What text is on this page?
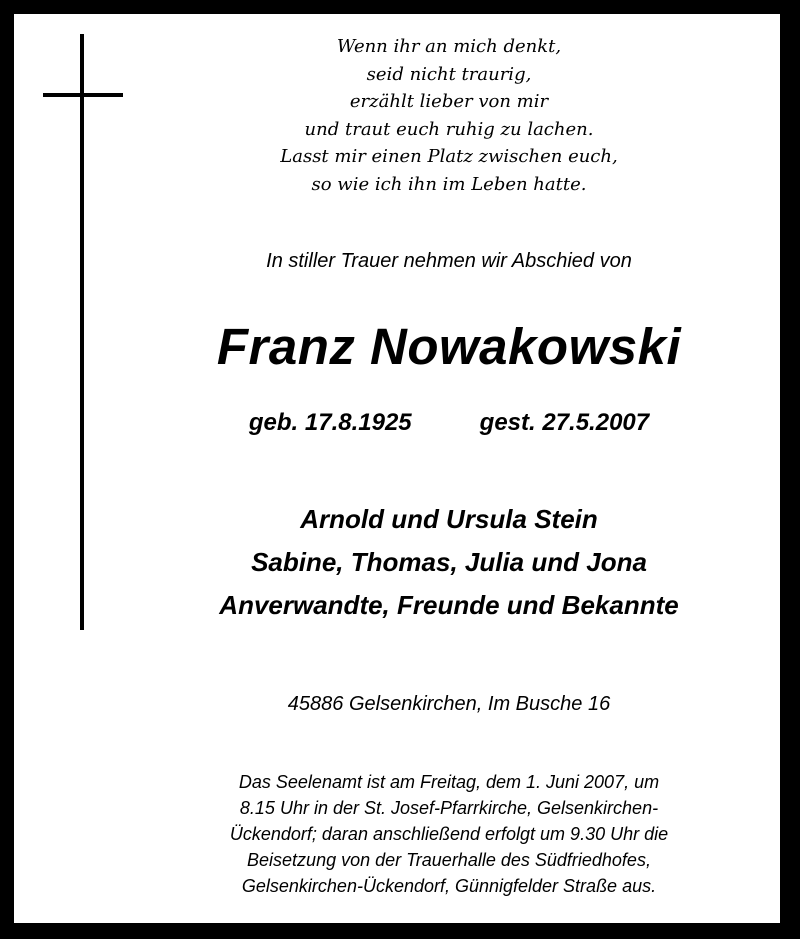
Wenn ihr an mich denkt,
seid nicht traurig,
erzählt lieber von mir
und traut euch ruhig zu lachen.
Lasst mir einen Platz zwischen euch,
so wie ich ihn im Leben hatte.
In stiller Trauer nehmen wir Abschied von
Franz Nowakowski
geb. 17.8.1925	gest. 27.5.2007
Arnold und Ursula Stein
Sabine, Thomas, Julia und Jona
Anverwandte, Freunde und Bekannte
45886 Gelsenkirchen, Im Busche 16
Das Seelenamt ist am Freitag, dem 1. Juni 2007, um
8.15 Uhr in der St. Josef-Pfarrkirche, Gelsenkirchen-
Ückendorf; daran anschließend erfolgt um 9.30 Uhr die
Beisetzung von der Trauerhalle des Südfriedhofes,
Gelsenkirchen-Ückendorf, Günnigfelder Straße aus.
